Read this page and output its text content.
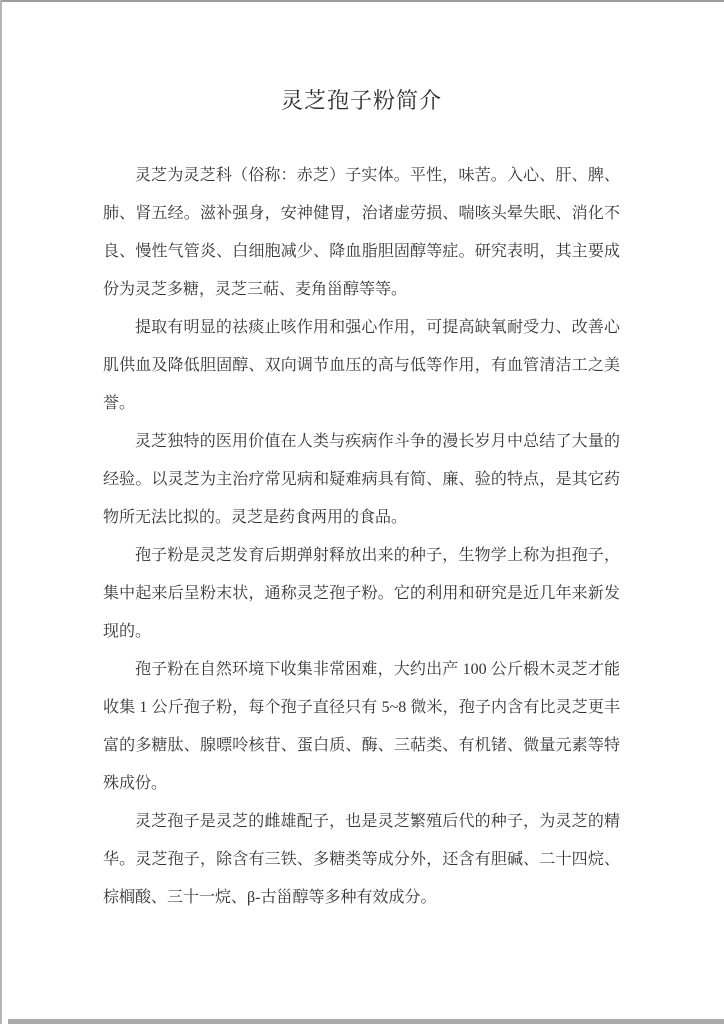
灵芝孢子粉简介

灵芝为灵芝科（俗称：赤芝）子实体。平性，味苦。入心、肝、脾、肺、肾五经。滋补强身，安神健胃，治诸虚劳损、喘咳头晕失眠、消化不良、慢性气管炎、白细胞减少、降血脂胆固醇等症。研究表明，其主要成份为灵芝多糖，灵芝三萜、麦角甾醇等等。

提取有明显的祛痰止咳作用和强心作用，可提高缺氧耐受力、改善心肌供血及降低胆固醇、双向调节血压的高与低等作用，有血管清洁工之美誉。

灵芝独特的医用价值在人类与疾病作斗争的漫长岁月中总结了大量的经验。以灵芝为主治疗常见病和疑难病具有简、廉、验的特点，是其它药物所无法比拟的。灵芝是药食两用的食品。

孢子粉是灵芝发育后期弹射释放出来的种子，生物学上称为担孢子，集中起来后呈粉末状，通称灵芝孢子粉。它的利用和研究是近几年来新发现的。

孢子粉在自然环境下收集非常困难，大约出产 100 公斤椴木灵芝才能收集 1 公斤孢子粉，每个孢子直径只有 5~8 微米，孢子内含有比灵芝更丰富的多糖肽、腺嘌呤核苷、蛋白质、酶、三萜类、有机锗、微量元素等特殊成份。

灵芝孢子是灵芝的雌雄配子，也是灵芝繁殖后代的种子，为灵芝的精华。灵芝孢子，除含有三铁、多糖类等成分外，还含有胆碱、二十四烷、棕榈酸、三十一烷、β-古甾醇等多种有效成分。
